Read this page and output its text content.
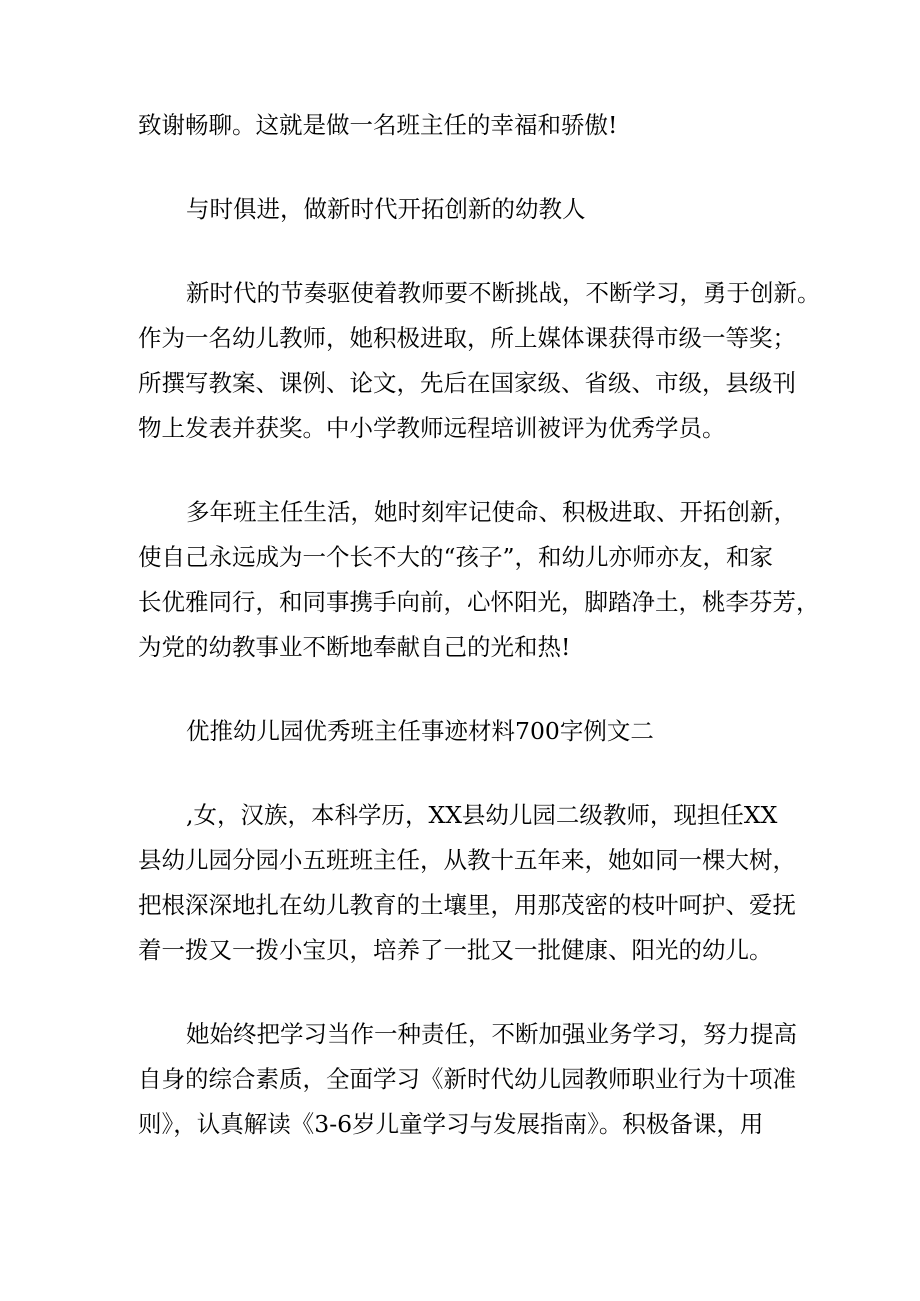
致谢畅聊。这就是做一名班主任的幸福和骄傲!

与时俱进，做新时代开拓创新的幼教人

新时代的节奏驱使着教师要不断挑战，不断学习，勇于创新。

作为一名幼儿教师，她积极进取，所上媒体课获得市级一等奖；

所撰写教案、课例、论文，先后在国家级、省级、市级，县级刊

物上发表并获奖。中小学教师远程培训被评为优秀学员。

多年班主任生活，她时刻牢记使命、积极进取、开拓创新，

使自己永远成为一个长不大的“孩子”，和幼儿亦师亦友，和家

长优雅同行，和同事携手向前，心怀阳光，脚踏净土，桃李芬芳，

为党的幼教事业不断地奉献自己的光和热!

优推幼儿园优秀班主任事迹材料700字例文二

,女，汉族，本科学历，XX县幼儿园二级教师，现担任XX

县幼儿园分园小五班班主任，从教十五年来，她如同一棵大树，

把根深深地扎在幼儿教育的土壤里，用那茂密的枝叶呵护、爱抚

着一拨又一拨小宝贝，培养了一批又一批健康、阳光的幼儿。

她始终把学习当作一种责任，不断加强业务学习，努力提高

自身的综合素质，全面学习《新时代幼儿园教师职业行为十项准

则》，认真解读《3-6岁儿童学习与发展指南》。积极备课，用
